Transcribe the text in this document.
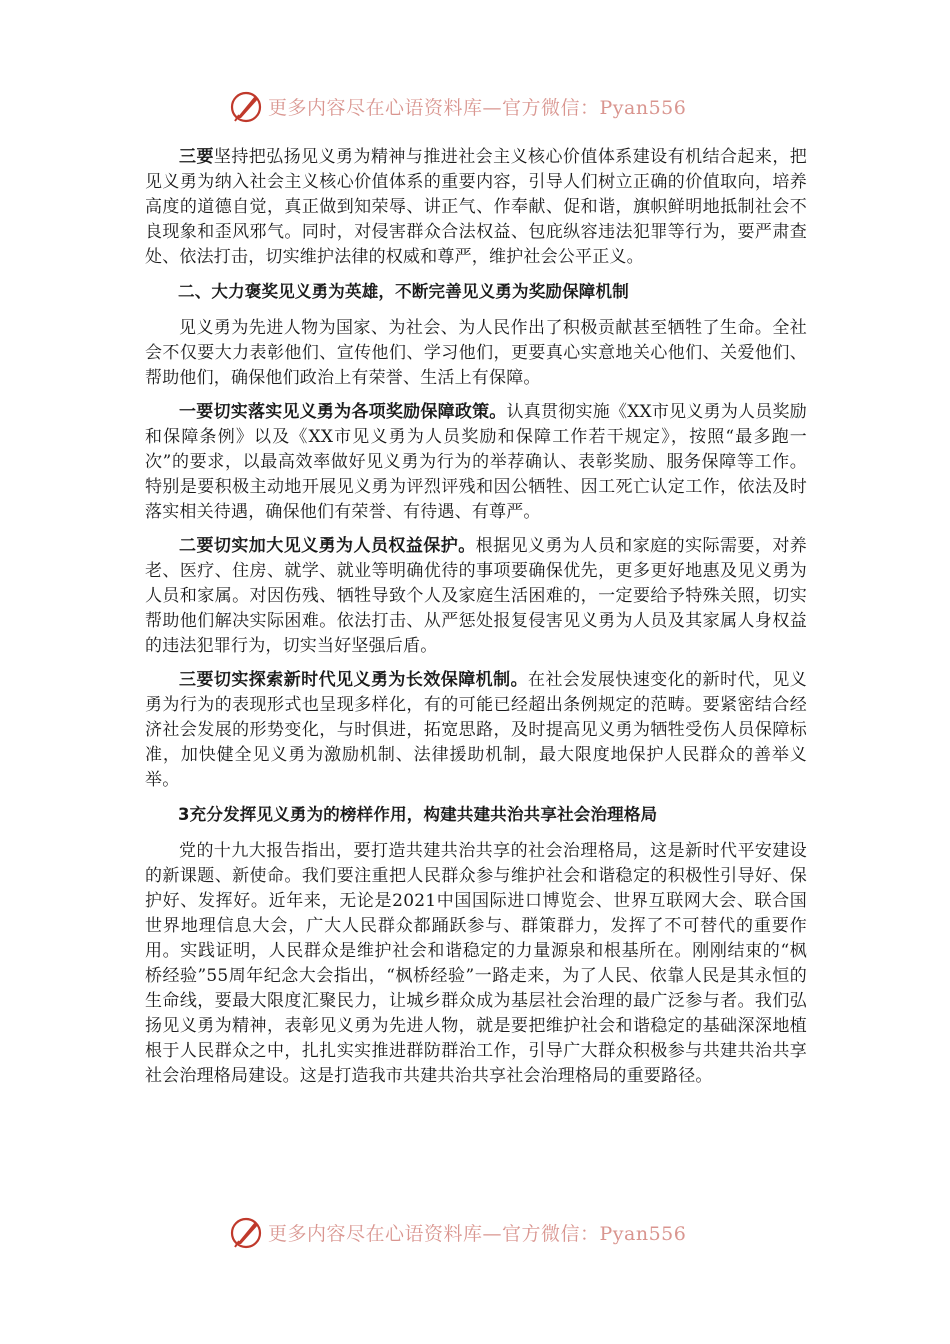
更多内容尽在心语资料库—官方微信：Pyan556

三要坚持把弘扬见义勇为精神与推进社会主义核心价值体系建设有机结合起来，把见义勇为纳入社会主义核心价值体系的重要内容，引导人们树立正确的价值取向，培养高度的道德自觉，真正做到知荣辱、讲正气、作奉献、促和谐，旗帜鲜明地抵制社会不良现象和歪风邪气。同时，对侵害群众合法权益、包庇纵容违法犯罪等行为，要严肃查处、依法打击，切实维护法律的权威和尊严，维护社会公平正义。

二、大力褒奖见义勇为英雄，不断完善见义勇为奖励保障机制

见义勇为先进人物为国家、为社会、为人民作出了积极贡献甚至牺牲了生命。全社会不仅要大力表彰他们、宣传他们、学习他们，更要真心实意地关心他们、关爱他们、帮助他们，确保他们政治上有荣誉、生活上有保障。

一要切实落实见义勇为各项奖励保障政策。认真贯彻实施《XX市见义勇为人员奖励和保障条例》以及《XX市见义勇为人员奖励和保障工作若干规定》，按照“最多跑一次”的要求，以最高效率做好见义勇为行为的举荐确认、表彰奖励、服务保障等工作。特别是要积极主动地开展见义勇为评烈评残和因公牺牲、因工死亡认定工作，依法及时落实相关待遇，确保他们有荣誉、有待遇、有尊严。

二要切实加大见义勇为人员权益保护。根据见义勇为人员和家庭的实际需要，对养老、医疗、住房、就学、就业等明确优待的事项要确保优先，更多更好地惠及见义勇为人员和家属。对因伤残、牺牲导致个人及家庭生活困难的，一定要给予特殊关照，切实帮助他们解决实际困难。依法打击、从严惩处报复侵害见义勇为人员及其家属人身权益的违法犯罪行为，切实当好坚强后盾。

三要切实探索新时代见义勇为长效保障机制。在社会发展快速变化的新时代，见义勇为行为的表现形式也呈现多样化，有的可能已经超出条例规定的范畴。要紧密结合经济社会发展的形势变化，与时俱进，拓宽思路，及时提高见义勇为牺牲受伤人员保障标准，加快健全见义勇为激励机制、法律援助机制，最大限度地保护人民群众的善举义举。

3充分发挥见义勇为的榜样作用，构建共建共治共享社会治理格局

党的十九大报告指出，要打造共建共治共享的社会治理格局，这是新时代平安建设的新课题、新使命。我们要注重把人民群众参与维护社会和谐稳定的积极性引导好、保护好、发挥好。近年来，无论是2021中国国际进口博览会、世界互联网大会、联合国世界地理信息大会，广大人民群众都踊跃参与、群策群力，发挥了不可替代的重要作用。实践证明，人民群众是维护社会和谐稳定的力量源泉和根基所在。刚刚结束的“枫桥经验”55周年纪念大会指出，“枫桥经验”一路走来，为了人民、依靠人民是其永恒的生命线，要最大限度汇聚民力，让城乡群众成为基层社会治理的最广泛参与者。我们弘扬见义勇为精神，表彰见义勇为先进人物，就是要把维护社会和谐稳定的基础深深地植根于人民群众之中，扎扎实实推进群防群治工作，引导广大群众积极参与共建共治共享社会治理格局建设。这是打造我市共建共治共享社会治理格局的重要路径。

更多内容尽在心语资料库—官方微信：Pyan556
